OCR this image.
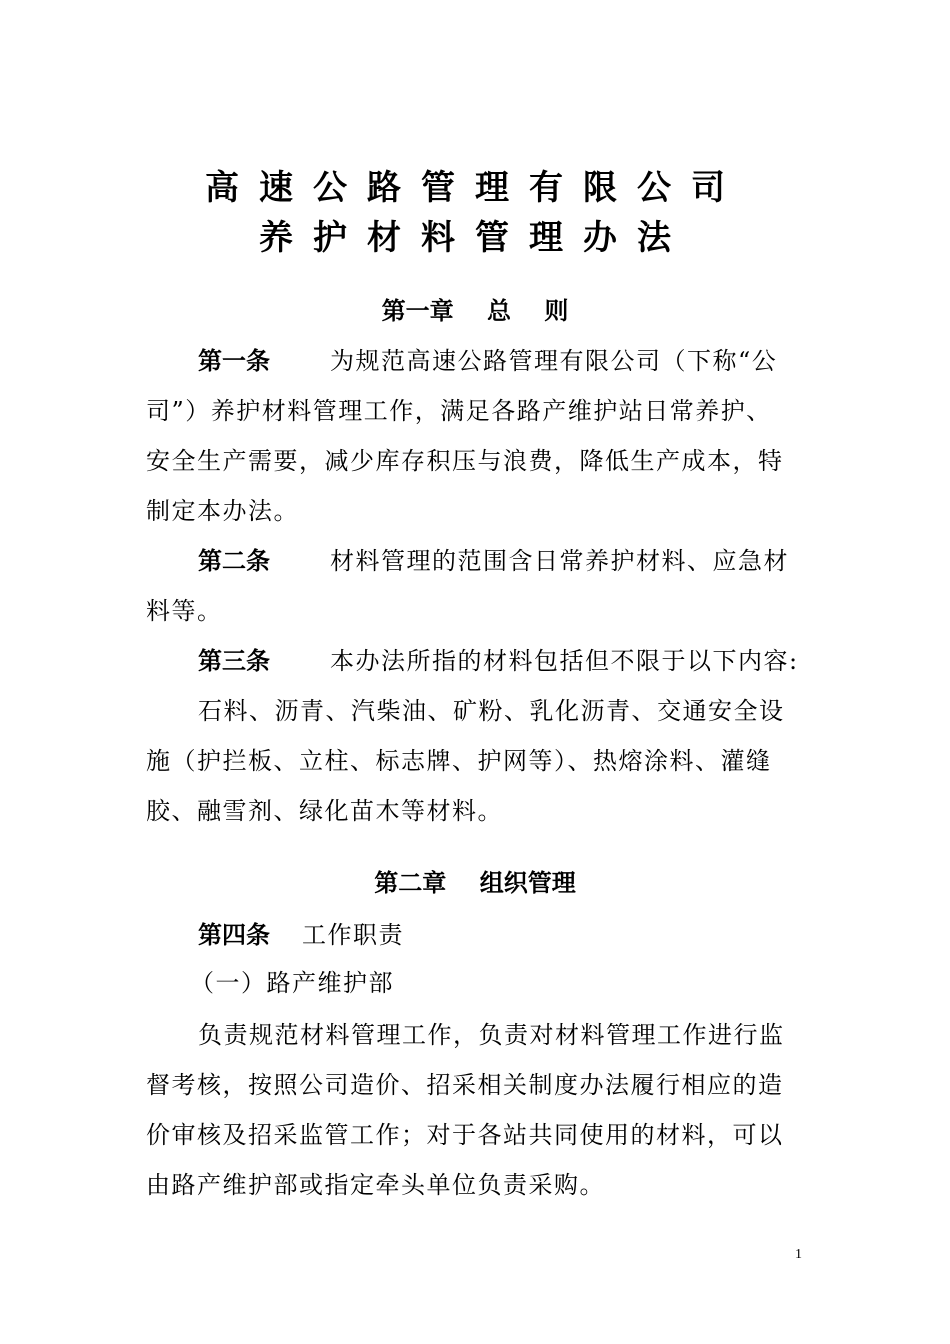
高速公路管理有限公司
养护材料管理办法
第一章    总    则
第一条	为规范高速公路管理有限公司（下称“公
司”）养护材料管理工作，满足各路产维护站日常养护、
安全生产需要，减少库存积压与浪费，降低生产成本，特
制定本办法。
第二条	材料管理的范围含日常养护材料、应急材
料等。
第三条	本办法所指的材料包括但不限于以下内容:
石料、沥青、汽柴油、矿粉、乳化沥青、交通安全设
施（护拦板、立柱、标志牌、护网等）、热熔涂料、灌缝
胶、融雪剂、绿化苗木等材料。
第二章    组织管理
第四条 工作职责
（一）路产维护部
负责规范材料管理工作，负责对材料管理工作进行监
督考核，按照公司造价、招采相关制度办法履行相应的造
价审核及招采监管工作；对于各站共同使用的材料，可以
由路产维护部或指定牵头单位负责采购。
1
